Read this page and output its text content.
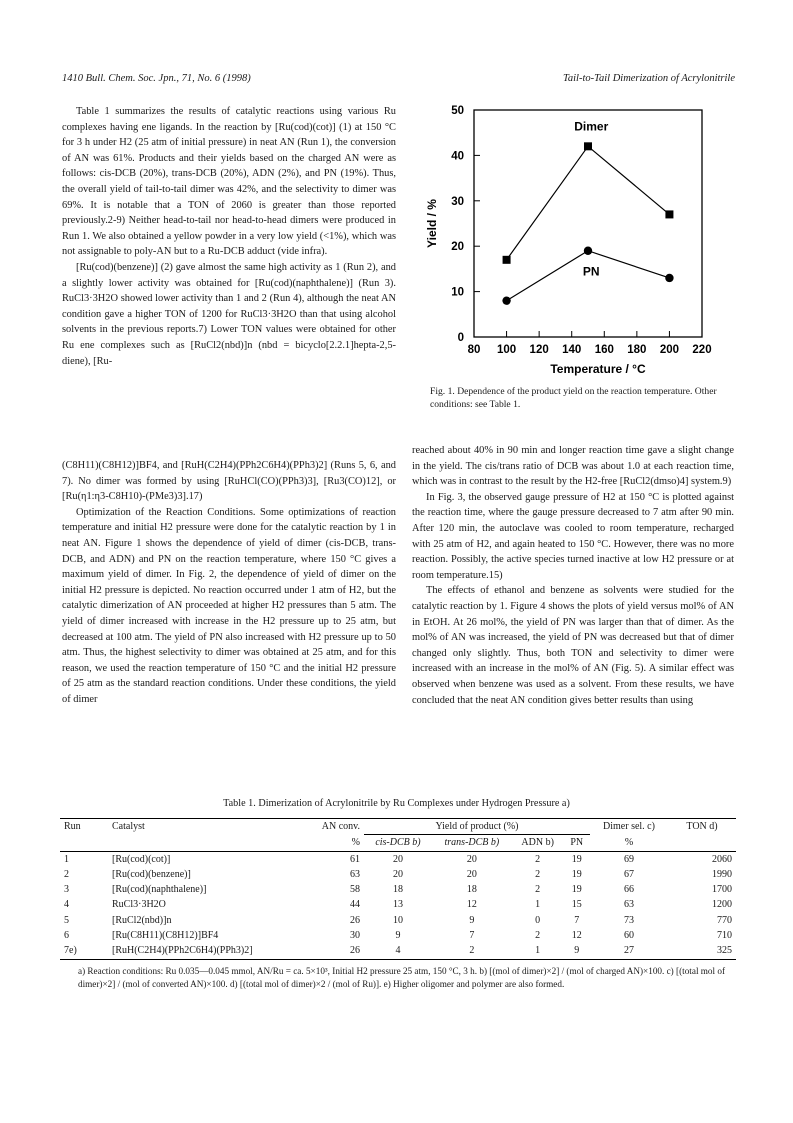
1410 Bull. Chem. Soc. Jpn., 71, No. 6 (1998)	Tail-to-Tail Dimerization of Acrylonitrile

Table 1 summarizes the results of catalytic reactions using various Ru complexes having ene ligands. In the reaction by [Ru(cod)(cot)] (1) at 150 °C for 3 h under H2 (25 atm of initial pressure) in neat AN (Run 1), the conversion of AN was 61%. Products and their yields based on the charged AN were as follows: cis-DCB (20%), trans-DCB (20%), ADN (2%), and PN (19%). Thus, the overall yield of tail-to-tail dimer was 42%, and the selectivity to dimer was 69%. It is notable that a TON of 2060 is greater than those reported previously.2-9) Neither head-to-tail nor head-to-head dimers were produced in Run 1. We also obtained a yellow powder in a very low yield (<1%), which was not assignable to poly-AN but to a Ru-DCB adduct (vide infra).

[Ru(cod)(benzene)] (2) gave almost the same high activity as 1 (Run 2), and a slightly lower activity was obtained for [Ru(cod)(naphthalene)] (Run 3). RuCl3·3H2O showed lower activity than 1 and 2 (Run 4), although the neat AN condition gave a higher TON of 1200 for RuCl3·3H2O than that using alcohol solvents in the previous reports.7) Lower TON values were obtained for other Ru ene complexes such as [RuCl2(nbd)]n (nbd = bicyclo[2.2.1]hepta-2,5-diene), [Ru-

(C8H11)(C8H12)]BF4, and [RuH(C2H4)(PPh2C6H4)(PPh3)2] (Runs 5, 6, and 7). No dimer was formed by using [RuHCl(CO)(PPh3)3], [Ru3(CO)12], or [Ru(η1:η3-C8H10)-(PMe3)3].17)

Optimization of the Reaction Conditions. Some optimizations of reaction temperature and initial H2 pressure were done for the catalytic reaction by 1 in neat AN. Figure 1 shows the dependence of yield of dimer (cis-DCB, trans-DCB, and ADN) and PN on the reaction temperature, where 150 °C gives a maximum yield of dimer. In Fig. 2, the dependence of yield of dimer on the initial H2 pressure is depicted. No reaction occurred under 1 atm of H2, but the catalytic dimerization of AN proceeded at higher H2 pressures than 5 atm. The yield of dimer increased with increase in the H2 pressure up to 25 atm, but decreased at 100 atm. The yield of PN also increased with H2 pressure up to 50 atm. Thus, the highest selectivity to dimer was obtained at 25 atm, and for this reason, we used the reaction temperature of 150 °C and the initial H2 pressure of 25 atm as the standard reaction conditions. Under these conditions, the yield of dimer

80 100 120 140 160 180 200 220
0
10
20
30
40
50
Temperature / °C
Yield / %
Dimer
PN
Fig. 1. Dependence of the product yield on the reaction temperature. Other conditions: see Table 1.

reached about 40% in 90 min and longer reaction time gave a slight change in the yield. The cis/trans ratio of DCB was about 1.0 at each reaction time, which was in contrast to the result by the H2-free [RuCl2(dmso)4] system.9)

In Fig. 3, the observed gauge pressure of H2 at 150 °C is plotted against the reaction time, where the gauge pressure decreased to 7 atm after 90 min. After 120 min, the autoclave was cooled to room temperature, recharged with 25 atm of H2, and again heated to 150 °C. However, there was no more reaction. Possibly, the active species turned inactive at low H2 pressure or at room temperature.15)

The effects of ethanol and benzene as solvents were studied for the catalytic reaction by 1. Figure 4 shows the plots of yield versus mol% of AN in EtOH. At 26 mol%, the yield of PN was larger than that of dimer. As the mol% of AN was increased, the yield of PN was decreased but that of dimer changed only slightly. Thus, both TON and selectivity to dimer were increased with an increase in the mol% of AN (Fig. 5). A similar effect was observed when benzene was used as a solvent. From these results, we have concluded that the neat AN condition gives better results than using

Table 1. Dimerization of Acrylonitrile by Ru Complexes under Hydrogen Pressure a)
Run	Catalyst	AN conv.	Yield of product (%)				Dimer sel. c)	TON d)
		%	cis-DCB b)	trans-DCB b)	ADN b)	PN	%	
1	[Ru(cod)(cot)]	61	20	20	2	19	69	2060
2	[Ru(cod)(benzene)]	63	20	20	2	19	67	1990
3	[Ru(cod)(naphthalene)]	58	18	18	2	19	66	1700
4	RuCl3·3H2O	44	13	12	1	15	63	1200
5	[RuCl2(nbd)]n	26	10	9	0	7	73	770
6	[Ru(C8H11)(C8H12)]BF4	30	9	7	2	12	60	710
7e)	[RuH(C2H4)(PPh2C6H4)(PPh3)2]	26	4	2	1	9	27	325
a) Reaction conditions: Ru 0.035—0.045 mmol, AN/Ru = ca. 5×10³, Initial H2 pressure 25 atm, 150 °C, 3 h. b) [(mol of dimer)×2] / (mol of charged AN)×100. c) [(total mol of dimer)×2] / (mol of converted AN)×100. d) [(total mol of dimer)×2 / (mol of Ru)]. e) Higher oligomer and polymer are also formed.
